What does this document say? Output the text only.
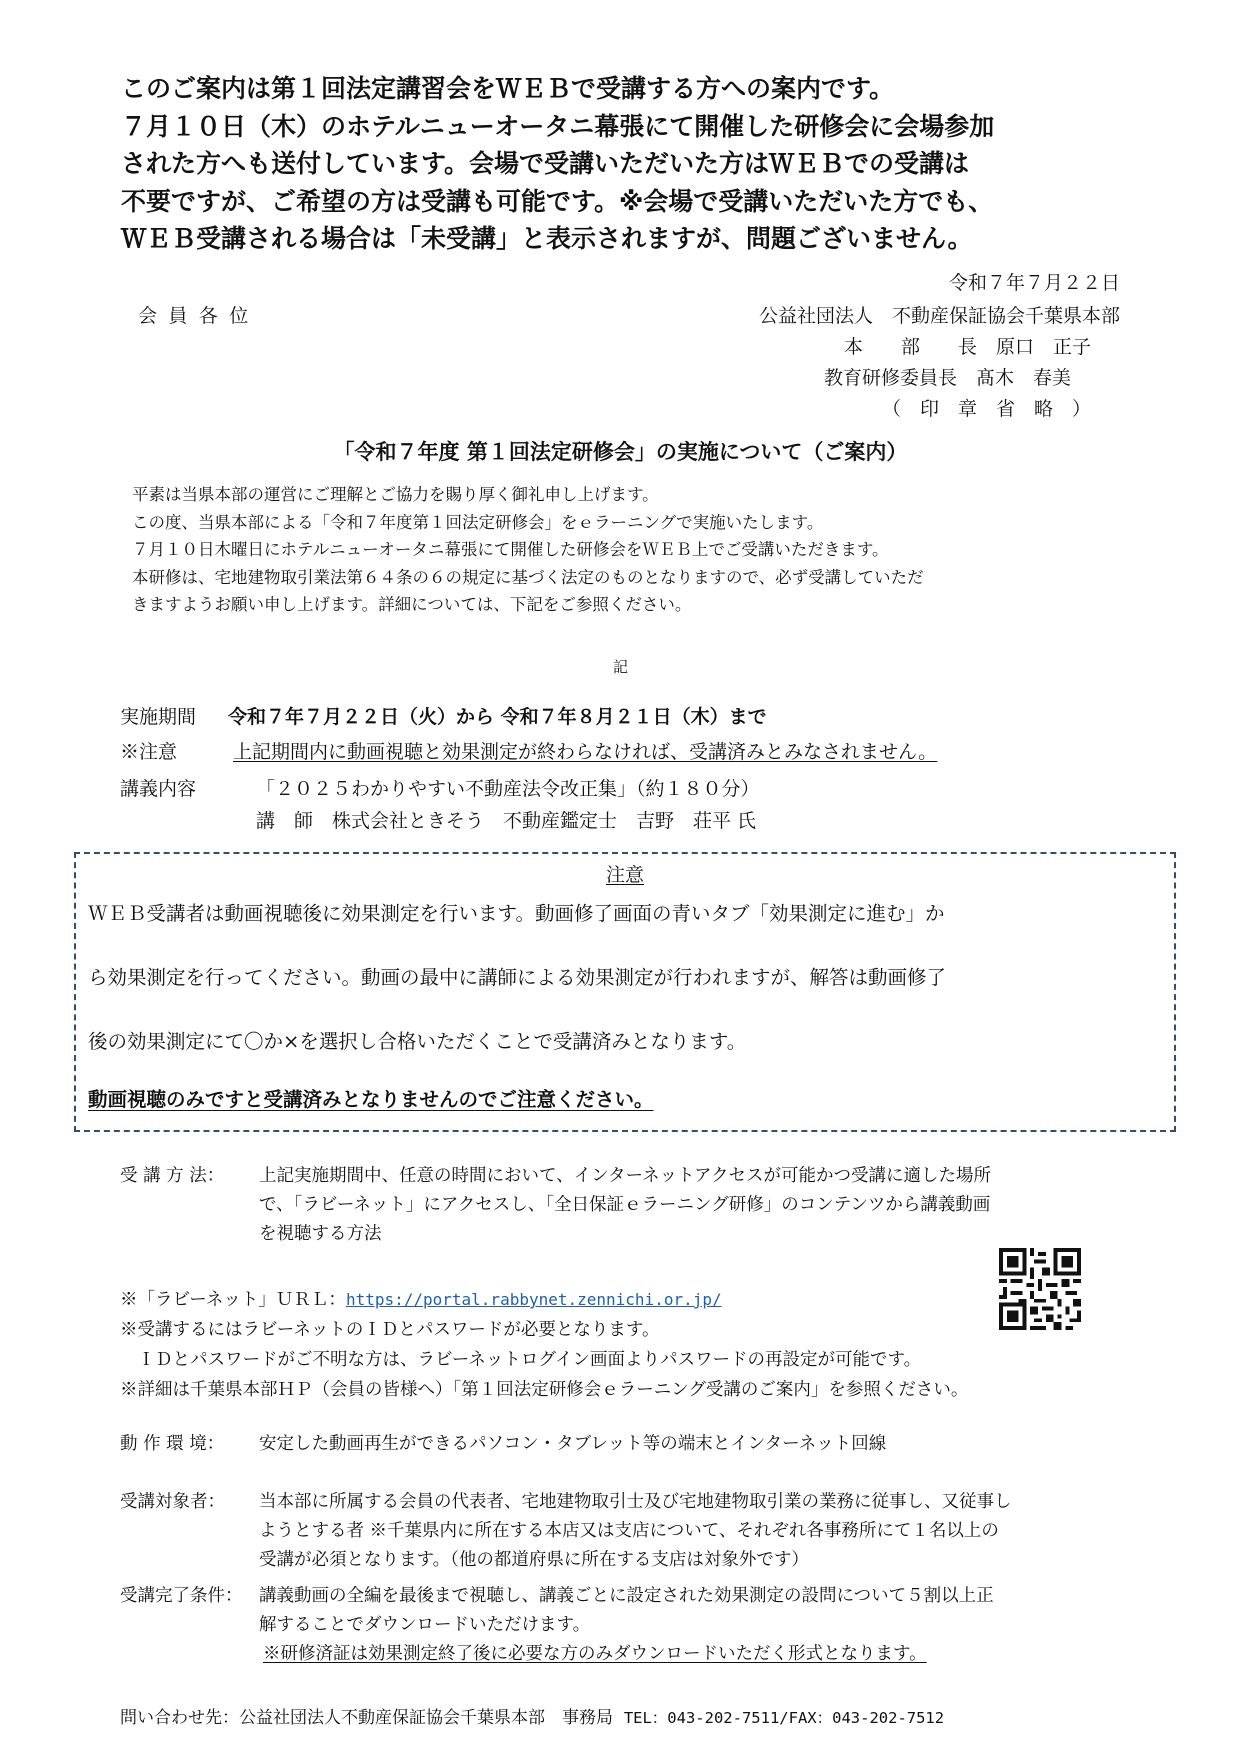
このご案内は第１回法定講習会をＷＥＢで受講する方への案内です。
７月１０日（木）のホテルニューオータニ幕張にて開催した研修会に会場参加
された方へも送付しています。会場で受講いただいた方はＷＥＢでの受講は
不要ですが、ご希望の方は受講も可能です。※会場で受講いただいた方でも、
ＷＥＢ受講される場合は「未受講」と表示されますが、問題ございません。
令和７年７月２２日
会員各位	公益社団法人　不動産保証協会千葉県本部
本　　部　　長　原口　正子
教育研修委員長　髙木　春美
（　印　章　省　略　）
「令和７年度 第１回法定研修会」の実施について（ご案内）
平素は当県本部の運営にご理解とご協力を賜り厚く御礼申し上げます。
この度、当県本部による「令和７年度第１回法定研修会」をｅラーニングで実施いたします。
７月１０日木曜日にホテルニューオータニ幕張にて開催した研修会をＷＥＢ上でご受講いただきます。
本研修は、宅地建物取引業法第６４条の６の規定に基づく法定のものとなりますので、必ず受講していただ
きますようお願い申し上げます。詳細については、下記をご参照ください。
記
実施期間 令和７年７月２２日（火）から 令和７年８月２１日（木）まで
※注意	上記期間内に動画視聴と効果測定が終わらなければ、受講済みとみなされません。
講義内容	「２０２５わかりやすい不動産法令改正集」（約１８０分）
講　師　株式会社ときそう　不動産鑑定士　吉野　荘平 氏
注意
ＷＥＢ受講者は動画視聴後に効果測定を行います。動画修了画面の青いタブ「効果測定に進む」か
ら効果測定を行ってください。動画の最中に講師による効果測定が行われますが、解答は動画修了
後の効果測定にて〇か×を選択し合格いただくことで受講済みとなります。
動画視聴のみですと受講済みとなりませんのでご注意ください。
受 講 方 法： 上記実施期間中、任意の時間において、インターネットアクセスが可能かつ受講に適した場所
で、「ラビーネット」にアクセスし、「全日保証ｅラーニング研修」のコンテンツから講義動画
を視聴する方法
※「ラビーネット」ＵＲＬ：https://portal.rabbynet.zennichi.or.jp/
※受講するにはラビーネットのＩＤとパスワードが必要となります。
　ＩＤとパスワードがご不明な方は、ラビーネットログイン画面よりパスワードの再設定が可能です。
※詳細は千葉県本部ＨＰ（会員の皆様へ）「第１回法定研修会ｅラーニング受講のご案内」を参照ください。
動 作 環 境： 安定した動画再生ができるパソコン・タブレット等の端末とインターネット回線
受講対象者： 当本部に所属する会員の代表者、宅地建物取引士及び宅地建物取引業の業務に従事し、又従事し
ようとする者 ※千葉県内に所在する本店又は支店について、それぞれ各事務所にて１名以上の
受講が必須となります。（他の都道府県に所在する支店は対象外です）
受講完了条件： 講義動画の全編を最後まで視聴し、講義ごとに設定された効果測定の設問について５割以上正
解することでダウンロードいただけます。
※研修済証は効果測定終了後に必要な方のみダウンロードいただく形式となります。
問い合わせ先：公益社団法人不動産保証協会千葉県本部　事務局 TEL：043-202-7511/FAX：043-202-7512
